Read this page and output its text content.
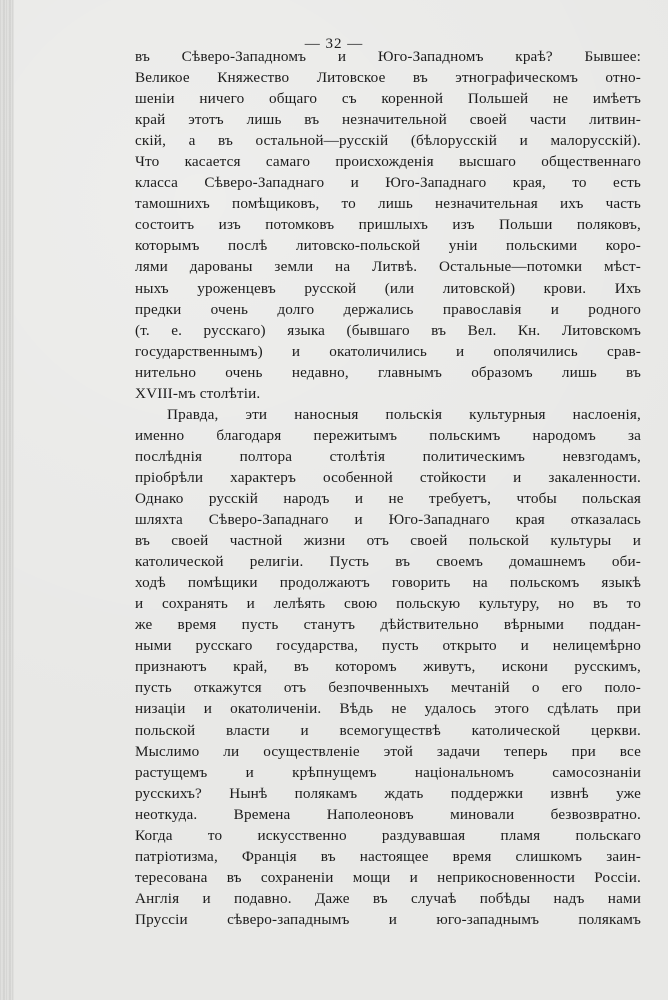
— 32 —
въ Сѣверо-Западномъ и Юго-Западномъ краѣ? Бывшее:
Великое Княжество Литовское въ этнографическомъ отно-
шеніи ничего общаго съ коренной Польшей не имѣетъ
край этотъ лишь въ незначительной своей части литвин-
скій, а въ остальной—русскій (бѣлорусскій и малорусскій).
Что касается самаго происхожденія высшаго общественнаго
класса Сѣверо-Западнаго и Юго-Западнаго края, то есть
тамошнихъ помѣщиковъ, то лишь незначительная ихъ часть
состоитъ изъ потомковъ пришлыхъ изъ Польши поляковъ,
которымъ послѣ литовско-польской уніи польскими коро-
лями дарованы земли на Литвѣ. Остальные—потомки мѣст-
ныхъ уроженцевъ русской (или литовской) крови. Ихъ
предки очень долго держались православія и родного
(т. е. русскаго) языка (бывшаго въ Вел. Кн. Литовскомъ
государственнымъ) и окатоличились и ополячились срав-
нительно очень недавно, главнымъ образомъ лишь въ
XVIII-мъ столѣтіи.
Правда, эти наносныя польскія культурныя наслоенія,
именно благодаря пережитымъ польскимъ народомъ за
послѣднія полтора столѣтія политическимъ невзгодамъ,
пріобрѣли характеръ особенной стойкости и закаленности.
Однако русскій народъ и не требуетъ, чтобы польская
шляхта Сѣверо-Западнаго и Юго-Западнаго края отказалась
въ своей частной жизни отъ своей польской культуры и
католической религіи. Пусть въ своемъ домашнемъ оби-
ходѣ помѣщики продолжаютъ говорить на польскомъ языкѣ
и сохранять и лелѣять свою польскую культуру, но въ то
же время пусть станутъ дѣйствительно вѣрными поддан-
ными русскаго государства, пусть открыто и нелицемѣрно
признаютъ край, въ которомъ живутъ, искони русскимъ,
пусть откажутся отъ безпочвенныхъ мечтаній о его поло-
низаціи и окатоличеніи. Вѣдь не удалось этого сдѣлать при
польской власти и всемогуществѣ католической церкви.
Мыслимо ли осуществленіе этой задачи теперь при все
растущемъ и крѣпнущемъ національномъ самосознаніи
русскихъ? Нынѣ полякамъ ждать поддержки извнѣ уже
неоткуда. Времена Наполеоновъ миновали безвозвратно.
Когда то искусственно раздувавшая пламя польскаго
патріотизма, Франція въ настоящее время слишкомъ заин-
тересована въ сохраненіи мощи и неприкосновенности Россіи.
Англія и подавно. Даже въ случаѣ побѣды надъ нами
Пруссіи сѣверо-западнымъ и юго-западнымъ полякамъ
